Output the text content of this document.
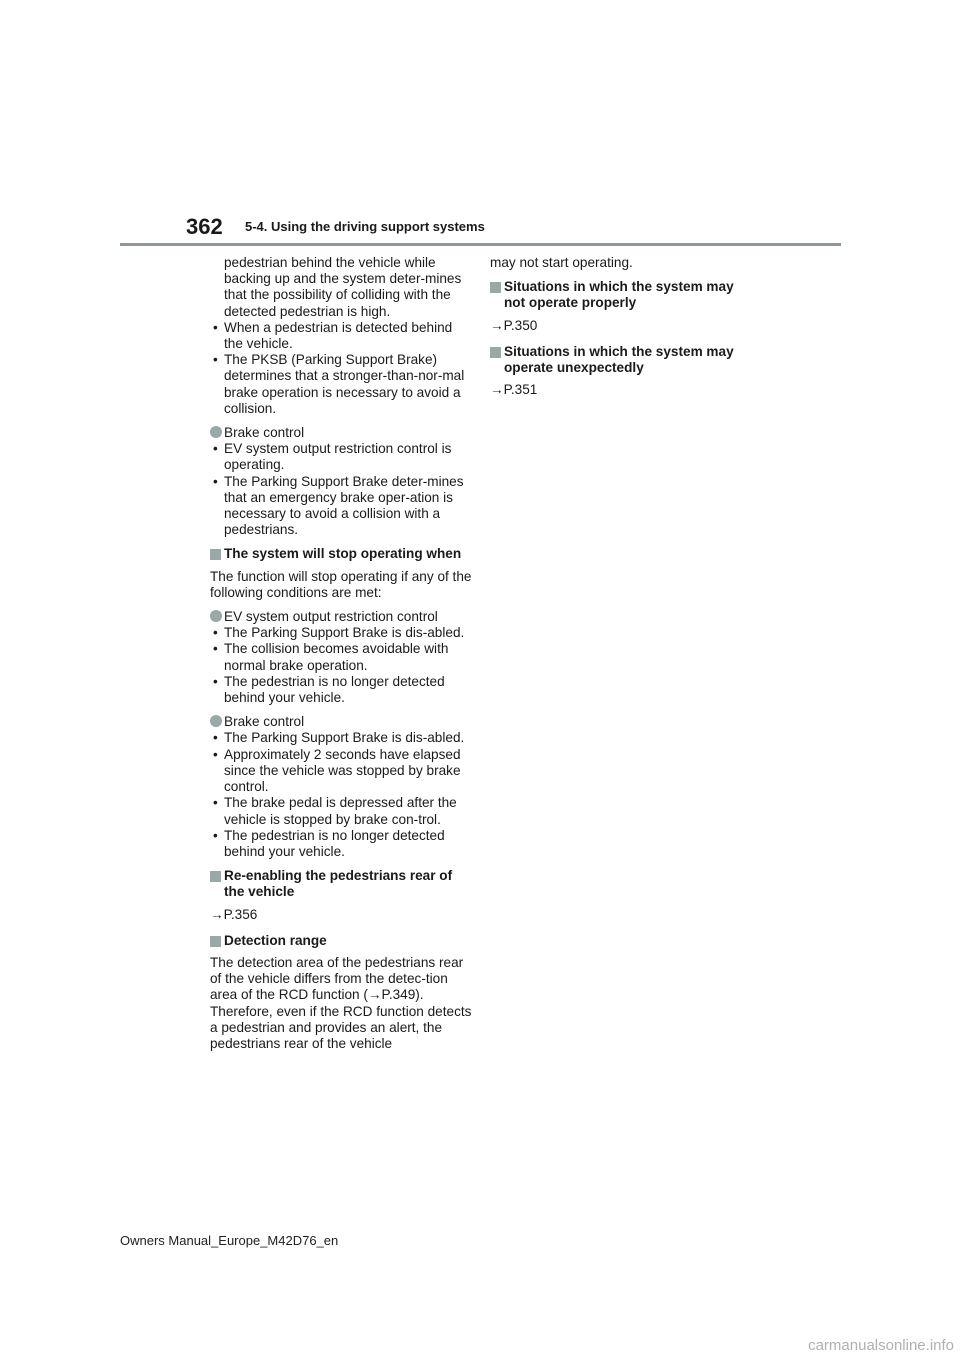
362 5-4. Using the driving support systems
pedestrian behind the vehicle while backing up and the system deter-mines that the possibility of colliding with the detected pedestrian is high.
• When a pedestrian is detected behind the vehicle.
• The PKSB (Parking Support Brake) determines that a stronger-than-nor-mal brake operation is necessary to avoid a collision.
Brake control
• EV system output restriction control is operating.
• The Parking Support Brake deter-mines that an emergency brake oper-ation is necessary to avoid a collision with a pedestrians.
The system will stop operating when

The function will stop operating if any of the following conditions are met:

EV system output restriction control
• The Parking Support Brake is dis-abled.
• The collision becomes avoidable with normal brake operation.
• The pedestrian is no longer detected behind your vehicle.
Brake control
• The Parking Support Brake is dis-abled.
• Approximately 2 seconds have elapsed since the vehicle was stopped by brake control.
• The brake pedal is depressed after the vehicle is stopped by brake con-trol.
• The pedestrian is no longer detected behind your vehicle.
Re-enabling the pedestrians rear of the vehicle

→P.356

Detection range

The detection area of the pedestrians rear of the vehicle differs from the detec-tion area of the RCD function (→P.349). Therefore, even if the RCD function detects a pedestrian and provides an alert, the pedestrians rear of the vehicle

may not start operating.

Situations in which the system may not operate properly

→P.350

Situations in which the system may operate unexpectedly

→P.351

Owners Manual_Europe_M42D76_en
carmanualsonline.info
